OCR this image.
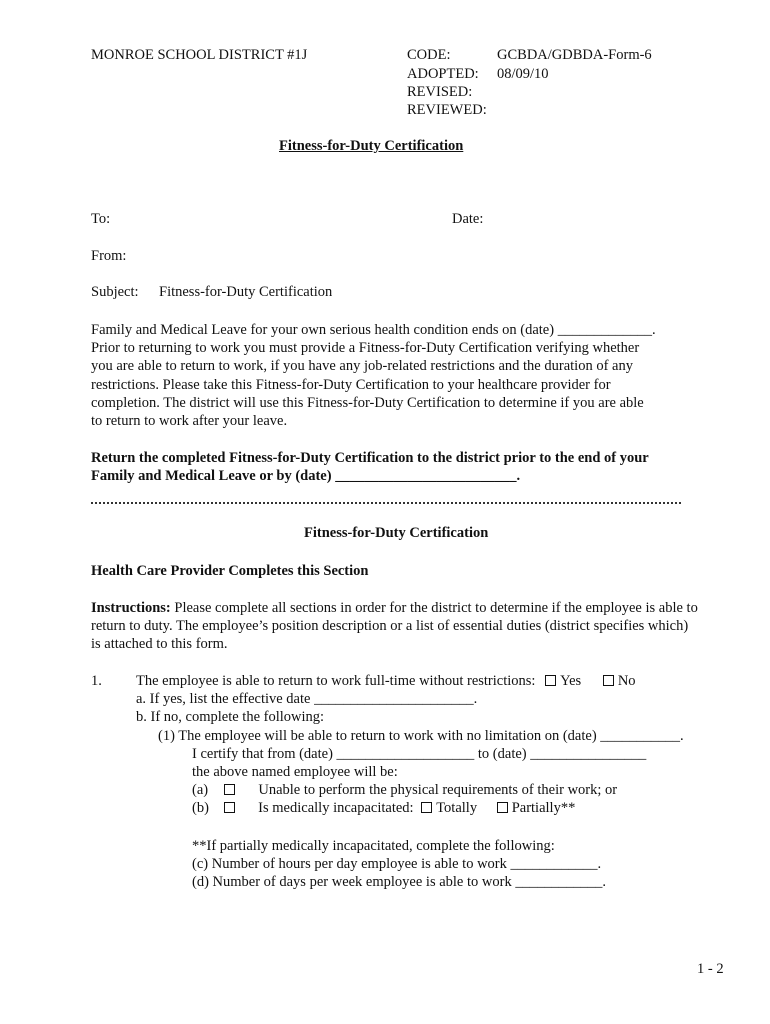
MONROE SCHOOL DISTRICT #1J	CODE:	GCBDA/GDBDA-Form-6
ADOPTED: 08/09/10
REVISED:
REVIEWED:
Fitness-for-Duty Certification
To:	Date:
From:
Subject: Fitness-for-Duty Certification
Family and Medical Leave for your own serious health condition ends on (date) _____________.
Prior to returning to work you must provide a Fitness-for-Duty Certification verifying whether
you are able to return to work, if you have any job-related restrictions and the duration of any
restrictions. Please take this Fitness-for-Duty Certification to your healthcare provider for
completion. The district will use this Fitness-for-Duty Certification to determine if you are able
to return to work after your leave.
Return the completed Fitness-for-Duty Certification to the district prior to the end of your
Family and Medical Leave or by (date) _________________________.
Fitness-for-Duty Certification
Health Care Provider Completes this Section
Instructions: Please complete all sections in order for the district to determine if the employee is able to
return to duty. The employee’s position description or a list of essential duties (district specifies which)
is attached to this form.
1. The employee is able to return to work full-time without restrictions: Yes	No
a. If yes, list the effective date ______________________.
b. If no, complete the following:
(1) The employee will be able to return to work with no limitation on (date) ___________.
I certify that from (date) ___________________ to (date) ________________
the above named employee will be:
(a)	Unable to perform the physical requirements of their work; or
(b)	Is medically incapacitated: Totally Partially**
**If partially medically incapacitated, complete the following:
(c) Number of hours per day employee is able to work ____________.
(d) Number of days per week employee is able to work ____________.
1 - 2
